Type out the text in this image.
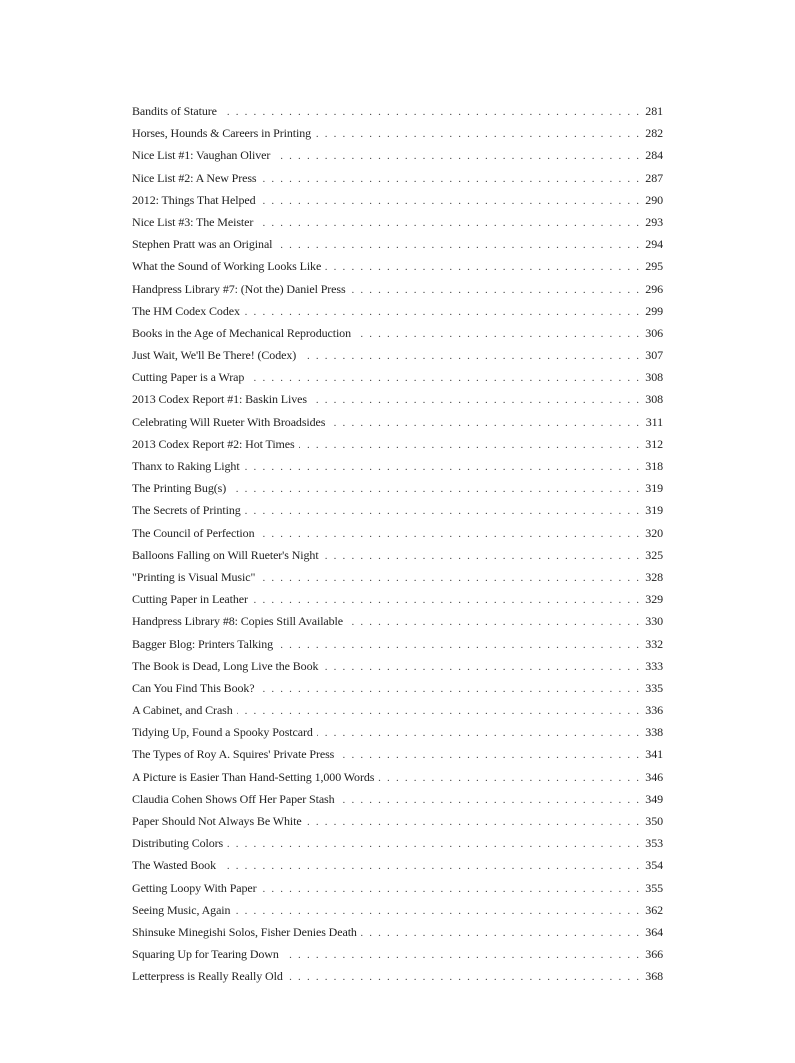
Bandits of Stature . . .	281
Horses, Hounds & Careers in Printing . . .	282
Nice List #1: Vaughan Oliver . . .	284
Nice List #2: A New Press . . .	287
2012: Things That Helped . . .	290
Nice List #3: The Meister . . .	293
Stephen Pratt was an Original . . .	294
What the Sound of Working Looks Like . . .	295
Handpress Library #7: (Not the) Daniel Press . . .	296
The HM Codex Codex . . .	299
Books in the Age of Mechanical Reproduction . . .	306
Just Wait, We'll Be There! (Codex) . . .	307
Cutting Paper is a Wrap . . .	308
2013 Codex Report #1: Baskin Lives . . .	308
Celebrating Will Rueter With Broadsides . . .	311
2013 Codex Report #2: Hot Times . . .	312
Thanx to Raking Light . . .	318
The Printing Bug(s) . . .	319
The Secrets of Printing . . .	319
The Council of Perfection . . .	320
Balloons Falling on Will Rueter's Night . . .	325
"Printing is Visual Music" . . .	328
Cutting Paper in Leather . . .	329
Handpress Library #8: Copies Still Available . . .	330
Bagger Blog: Printers Talking . . .	332
The Book is Dead, Long Live the Book . . .	333
Can You Find This Book? . . .	335
A Cabinet, and Crash . . .	336
Tidying Up, Found a Spooky Postcard . . .	338
The Types of Roy A. Squires' Private Press . . .	341
A Picture is Easier Than Hand-Setting 1,000 Words . . .	346
Claudia Cohen Shows Off Her Paper Stash . . .	349
Paper Should Not Always Be White . . .	350
Distributing Colors . . .	353
The Wasted Book . . .	354
Getting Loopy With Paper . . .	355
Seeing Music, Again . . .	362
Shinsuke Minegishi Solos, Fisher Denies Death . . .	364
Squaring Up for Tearing Down . . .	366
Letterpress is Really Really Old . . .	368
